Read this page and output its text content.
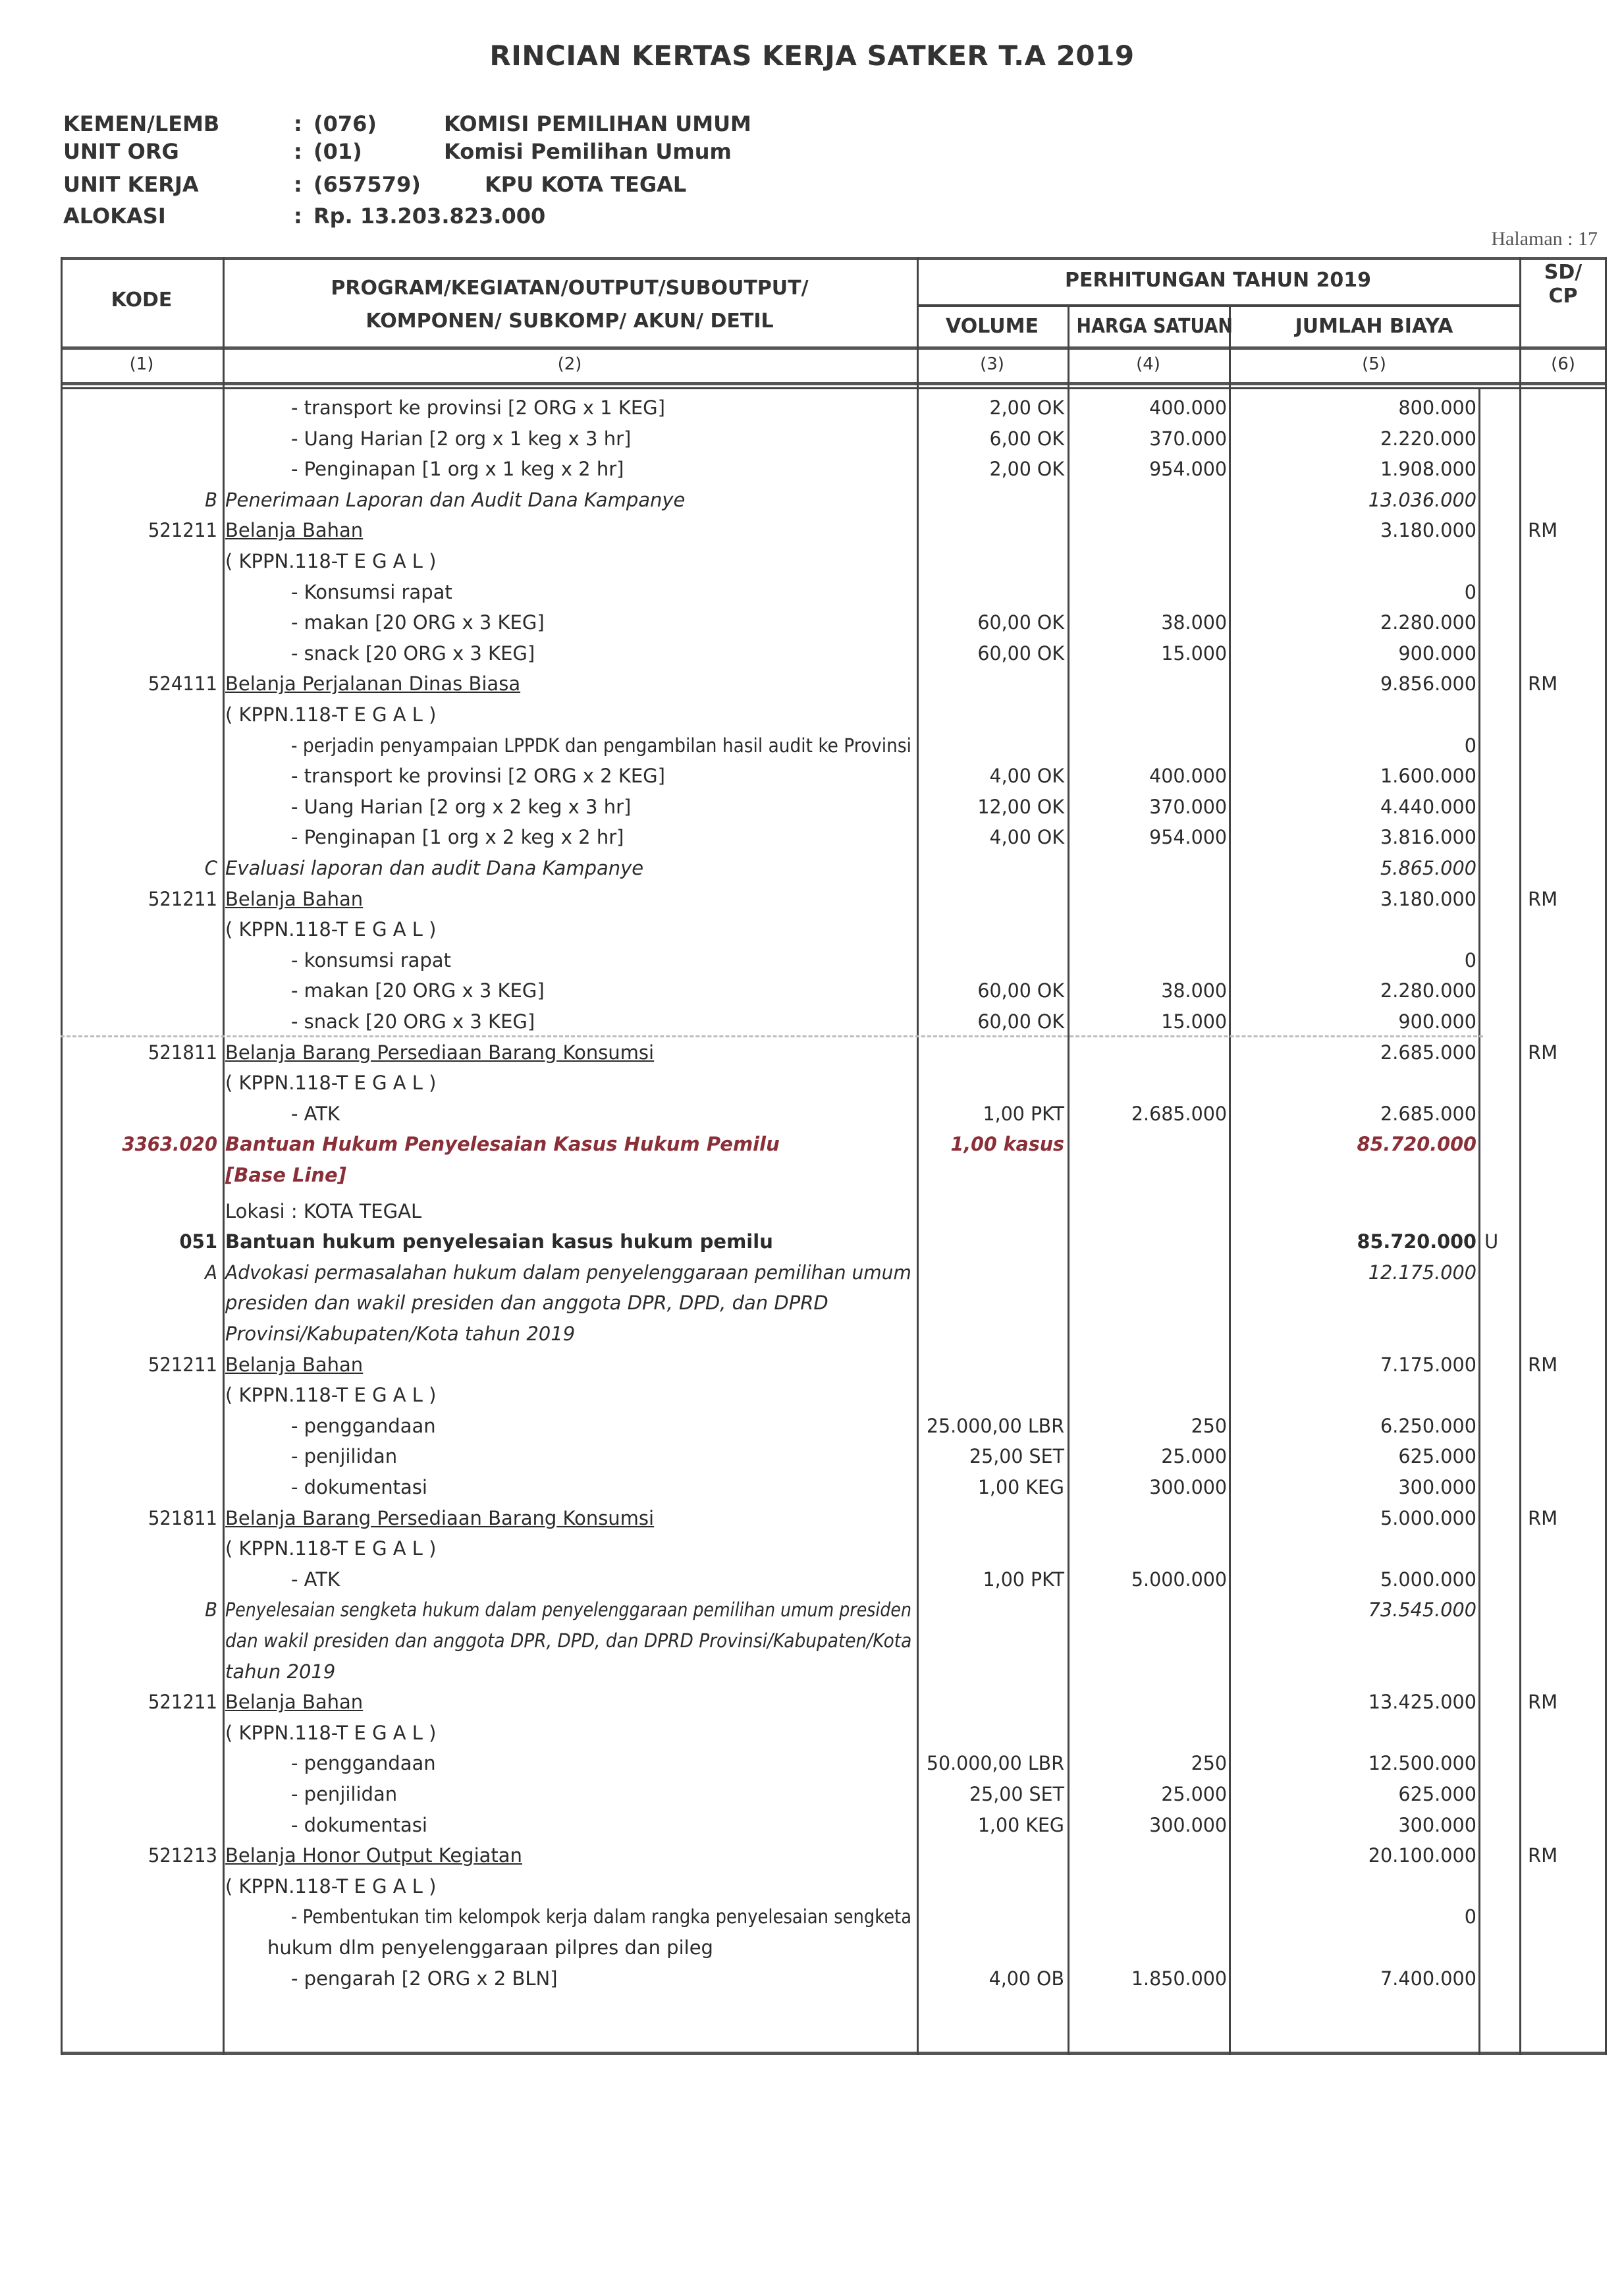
RINCIAN KERTAS KERJA SATKER T.A 2019
KEMEN/LEMB	: (076)	KOMISI PEMILIHAN UMUM
UNIT ORG	: (01)	Komisi Pemilihan Umum
UNIT KERJA	: (657579)	KPU KOTA TEGAL
ALOKASI	: Rp. 13.203.823.000
Halaman : 17
KODE
PROGRAM/KEGIATAN/OUTPUT/SUBOUTPUT/
KOMPONEN/ SUBKOMP/ AKUN/ DETIL
PERHITUNGAN TAHUN 2019
VOLUME	HARGA SATUAN	JUMLAH BIAYA
SD/
CP
(1)	(2)	(3)	(4)	(5)	(6)
- transport ke provinsi [2 ORG x 1 KEG]	2,00 OK	400.000	800.000
- Uang Harian [2 org x 1 keg x 3 hr]	6,00 OK	370.000	2.220.000
- Penginapan [1 org x 1 keg x 2 hr]	2,00 OK	954.000	1.908.000
B Penerimaan Laporan dan Audit Dana Kampanye	13.036.000
521211 Belanja Bahan	3.180.000	RM
( KPPN.118-T E G A L )
- Konsumsi rapat	0
- makan [20 ORG x 3 KEG]	60,00 OK	38.000	2.280.000
- snack [20 ORG x 3 KEG]	60,00 OK	15.000	900.000
524111 Belanja Perjalanan Dinas Biasa	9.856.000	RM
( KPPN.118-T E G A L )
- perjadin penyampaian LPPDK dan pengambilan hasil audit ke Provinsi	0
- transport ke provinsi [2 ORG x 2 KEG]	4,00 OK	400.000	1.600.000
- Uang Harian [2 org x 2 keg x 3 hr]	12,00 OK	370.000	4.440.000
- Penginapan [1 org x 2 keg x 2 hr]	4,00 OK	954.000	3.816.000
C Evaluasi laporan dan audit Dana Kampanye	5.865.000
521211 Belanja Bahan	3.180.000	RM
( KPPN.118-T E G A L )
- konsumsi rapat	0
- makan [20 ORG x 3 KEG]	60,00 OK	38.000	2.280.000
- snack [20 ORG x 3 KEG]	60,00 OK	15.000	900.000
521811 Belanja Barang Persediaan Barang Konsumsi	2.685.000	RM
( KPPN.118-T E G A L )
- ATK	1,00 PKT	2.685.000	2.685.000
3363.020 Bantuan Hukum Penyelesaian Kasus Hukum Pemilu	1,00 kasus	85.720.000
[Base Line]
Lokasi : KOTA TEGAL
051 Bantuan hukum penyelesaian kasus hukum pemilu	85.720.000 U
A Advokasi permasalahan hukum dalam penyelenggaraan pemilihan umum	12.175.000
presiden dan wakil presiden dan anggota DPR, DPD, dan DPRD
Provinsi/Kabupaten/Kota tahun 2019
521211 Belanja Bahan	7.175.000	RM
( KPPN.118-T E G A L )
- penggandaan	25.000,00 LBR	250	6.250.000
- penjilidan	25,00 SET	25.000	625.000
- dokumentasi	1,00 KEG	300.000	300.000
521811 Belanja Barang Persediaan Barang Konsumsi	5.000.000	RM
( KPPN.118-T E G A L )
- ATK	1,00 PKT	5.000.000	5.000.000
B Penyelesaian sengketa hukum dalam penyelenggaraan pemilihan umum presiden	73.545.000
dan wakil presiden dan anggota DPR, DPD, dan DPRD Provinsi/Kabupaten/Kota
tahun 2019
521211 Belanja Bahan	13.425.000	RM
( KPPN.118-T E G A L )
- penggandaan	50.000,00 LBR	250	12.500.000
- penjilidan	25,00 SET	25.000	625.000
- dokumentasi	1,00 KEG	300.000	300.000
521213 Belanja Honor Output Kegiatan	20.100.000	RM
( KPPN.118-T E G A L )
- Pembentukan tim kelompok kerja dalam rangka penyelesaian sengketa	0
hukum dlm penyelenggaraan pilpres dan pileg
- pengarah [2 ORG x 2 BLN]	4,00 OB	1.850.000	7.400.000
